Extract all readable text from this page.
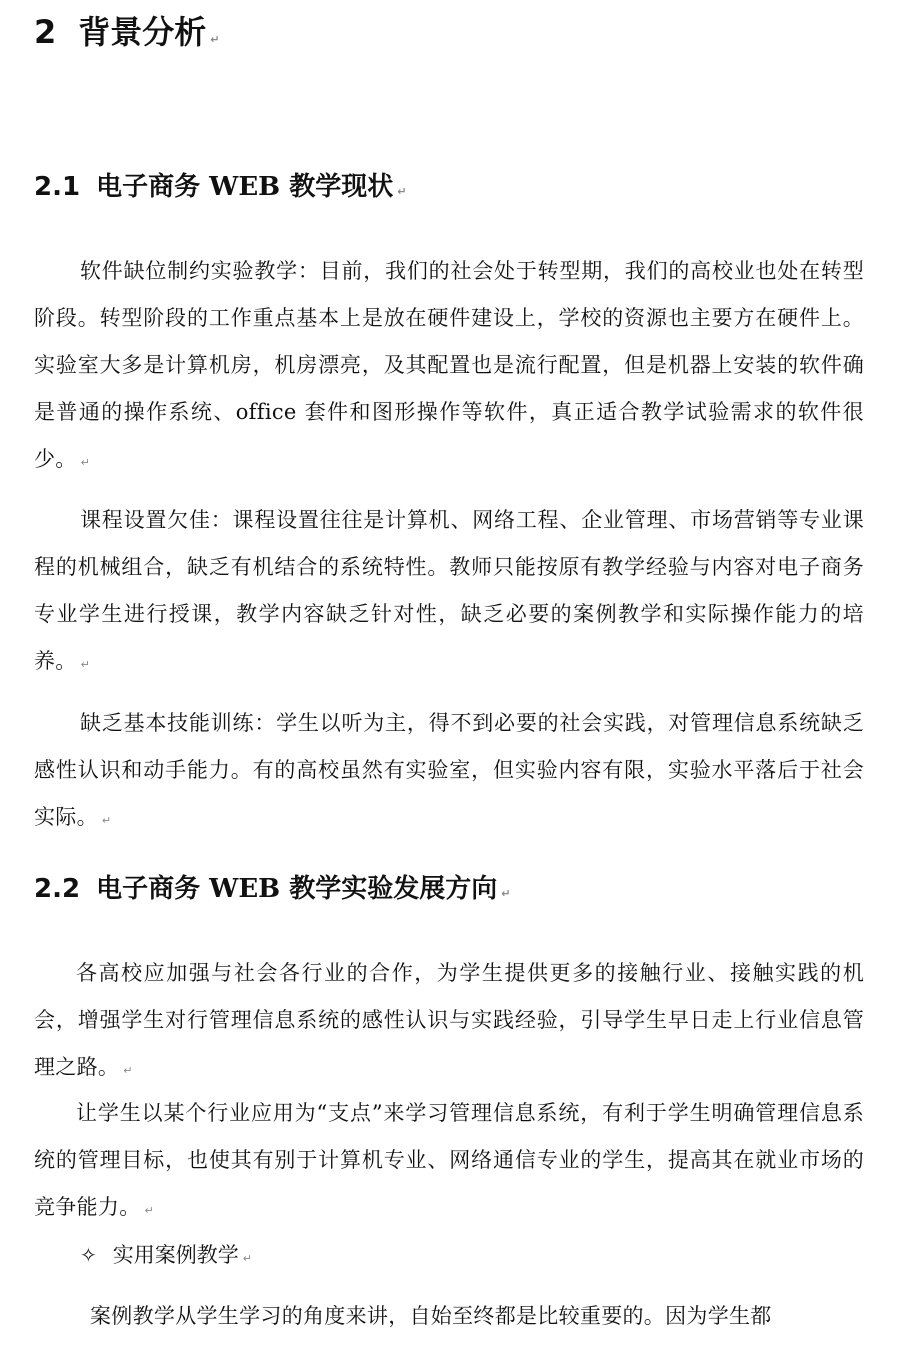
2 背景分析 ↵
2.1 电子商务 WEB 教学现状 ↵
软件缺位制约实验教学：目前，我们的社会处于转型期，我们的高校业也处在转型阶段。转型阶段的工作重点基本上是放在硬件建设上，学校的资源也主要方在硬件上。实验室大多是计算机房，机房漂亮，及其配置也是流行配置，但是机器上安装的软件确是普通的操作系统、office 套件和图形操作等软件，真正适合教学试验需求的软件很少。 ↵
课程设置欠佳：课程设置往往是计算机、网络工程、企业管理、市场营销等专业课程的机械组合，缺乏有机结合的系统特性。教师只能按原有教学经验与内容对电子商务专业学生进行授课，教学内容缺乏针对性，缺乏必要的案例教学和实际操作能力的培养。 ↵
缺乏基本技能训练：学生以听为主，得不到必要的社会实践，对管理信息系统缺乏感性认识和动手能力。有的高校虽然有实验室，但实验内容有限，实验水平落后于社会实际。 ↵
2.2 电子商务 WEB 教学实验发展方向 ↵
各高校应加强与社会各行业的合作，为学生提供更多的接触行业、接触实践的机会，增强学生对行管理信息系统的感性认识与实践经验，引导学生早日走上行业信息管理之路。 ↵
让学生以某个行业应用为“支点”来学习管理信息系统，有利于学生明确管理信息系统的管理目标，也使其有别于计算机专业、网络通信专业的学生，提高其在就业市场的竞争能力。 ↵
✧ 实用案例教学 ↵
案例教学从学生学习的角度来讲，自始至终都是比较重要的。因为学生都
